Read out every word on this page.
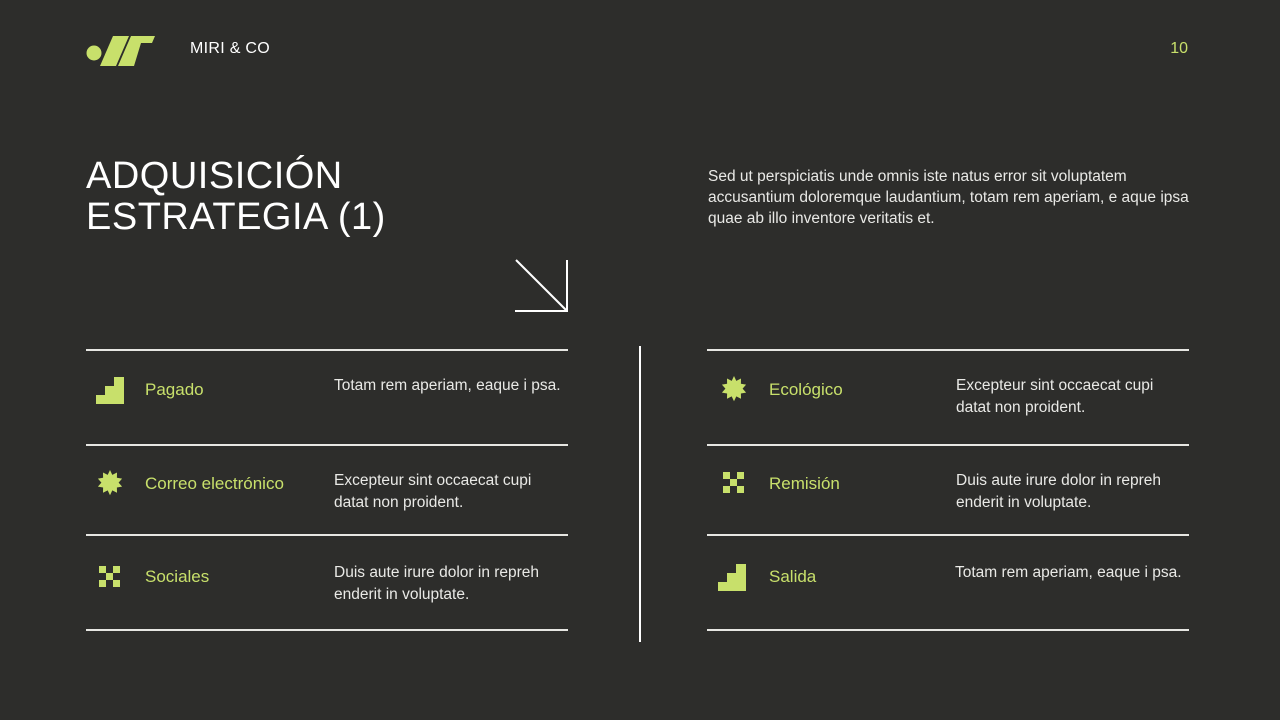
MIRI & CO	10
ADQUISICIÓN
ESTRATEGIA (1)
Sed ut perspiciatis unde omnis iste natus error sit voluptatem accusantium doloremque laudantium, totam rem aperiam, e aque ipsa quae ab illo inventore veritatis et.
Pagado	Totam rem aperiam, eaque i psa.
Correo electrónico	Excepteur sint occaecat cupi datat non proident.
Sociales	Duis aute irure dolor in repreh enderit in voluptate.
Ecológico	Excepteur sint occaecat cupi datat non proident.
Remisión	Duis aute irure dolor in repreh enderit in voluptate.
Salida	Totam rem aperiam, eaque i psa.
